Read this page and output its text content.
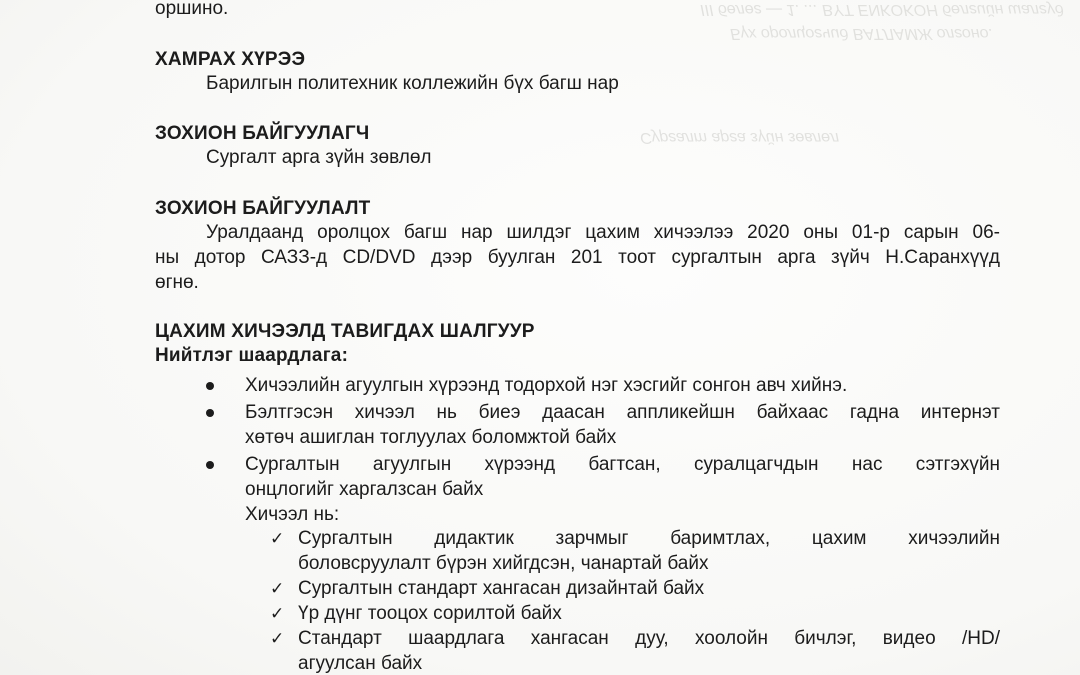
III бөлөг — 1. ... BYT ENKOKOH бөлгийн шалгуд
Бүх оролцогчид BATЛAMЖ олгоно.
Сургалт арга зүйн зөвлөл
оршино.
ХАМРАХ ХҮРЭЭ
Барилгын политехник коллежийн бүх багш нар
ЗОХИОН БАЙГУУЛАГЧ
Сургалт арга зүйн зөвлөл
ЗОХИОН БАЙГУУЛАЛТ
Уралдаанд оролцох багш нар шилдэг цахим хичээлээ 2020 оны 01-р сарын 06-
ны дотор САЗЗ-д CD/DVD дээр буулган 201 тоот сургалтын арга зүйч Н.Саранхүүд
өгнө.
ЦАХИМ ХИЧЭЭЛД ТАВИГДАХ ШАЛГУУР
Нийтлэг шаардлага:
Хичээлийн агуулгын хүрээнд тодорхой нэг хэсгийг сонгон авч хийнэ.
Бэлтгэсэн хичээл нь биеэ даасан аппликейшн байхаас гадна интернэт
хөтөч ашиглан тоглуулах боломжтой байх
Сургалтын агуулгын хүрээнд багтсан, суралцагчдын нас сэтгэхүйн
онцлогийг харгалзсан байх
Хичээл нь:
✓ Сургалтын дидактик зарчмыг баримтлах, цахим хичээлийн
боловсруулалт бүрэн хийгдсэн, чанартай байх
✓ Сургалтын стандарт хангасан дизайнтай байх
✓ Үр дүнг тооцох сорилтой байх
✓ Стандарт шаардлага хангасан дуу, хоолойн бичлэг, видео /HD/
агуулсан байх
